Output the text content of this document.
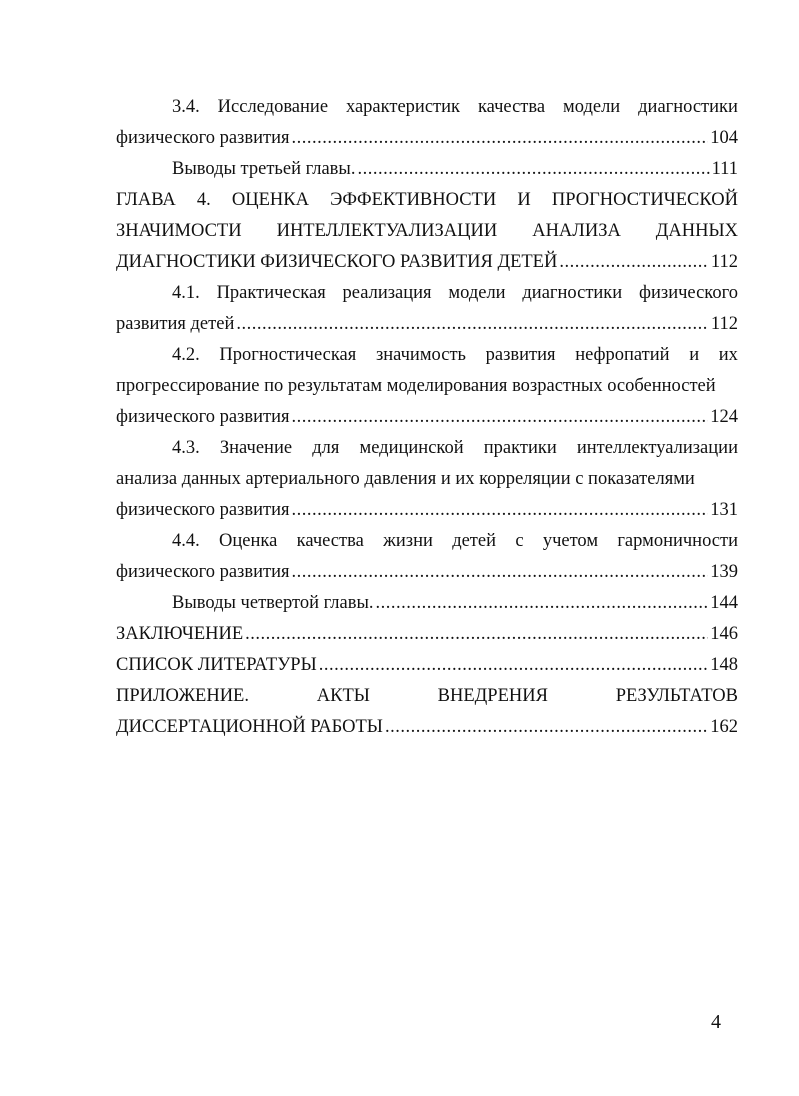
3.4. Исследование характеристик качества модели диагностики
физического развития .....	104
Выводы третьей главы. .....	111
ГЛАВА 4. ОЦЕНКА ЭФФЕКТИВНОСТИ И ПРОГНОСТИЧЕСКОЙ
ЗНАЧИМОСТИ ИНТЕЛЛЕКТУАЛИЗАЦИИ АНАЛИЗА ДАННЫХ
ДИАГНОСТИКИ ФИЗИЧЕСКОГО РАЗВИТИЯ ДЕТЕЙ .....	112
4.1. Практическая реализация модели диагностики физического
развития детей .....	112
4.2. Прогностическая значимость развития нефропатий и их
прогрессирование по результатам моделирования возрастных особенностей
физического развития .....	124
4.3. Значение для медицинской практики интеллектуализации
анализа данных артериального давления и их корреляции с показателями
физического развития .....	131
4.4. Оценка качества жизни детей с учетом гармоничности
физического развития .....	139
Выводы четвертой главы. .....	144
ЗАКЛЮЧЕНИЕ .....	146
СПИСОК ЛИТЕРАТУРЫ .....	148
ПРИЛОЖЕНИЕ.	АКТЫ	ВНЕДРЕНИЯ	РЕЗУЛЬТАТОВ
ДИССЕРТАЦИОННОЙ РАБОТЫ .....	162
4
